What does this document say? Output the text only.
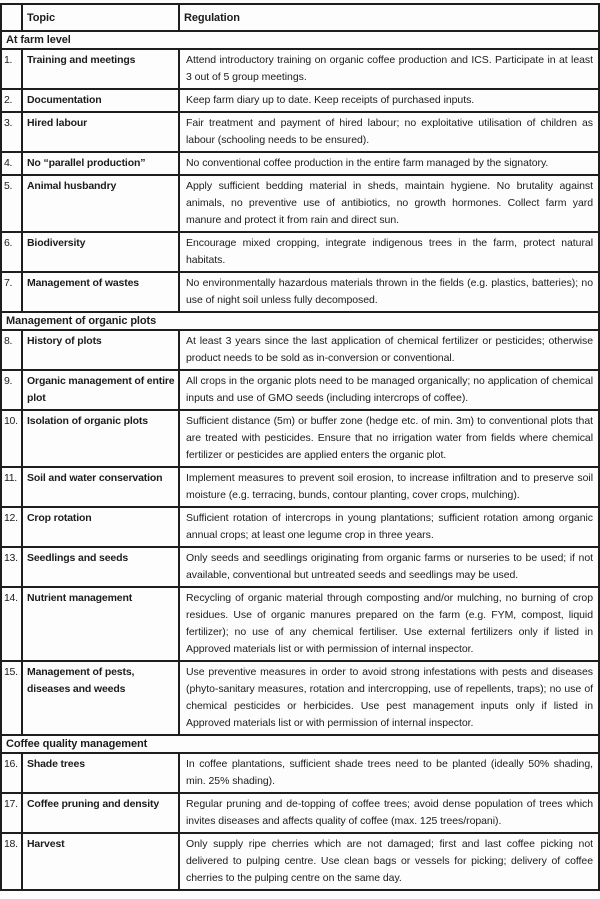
	Topic	Regulation
At farm level		
1.	Training and meetings	Attend introductory training on organic coffee production and ICS. Participate in at least 3 out of 5 group meetings.
2.	Documentation	Keep farm diary up to date. Keep receipts of purchased inputs.
3.	Hired labour	Fair treatment and payment of hired labour; no exploitative utilisation of children as labour (schooling needs to be ensured).
4.	No “parallel production”	No conventional coffee production in the entire farm managed by the signatory.
5.	Animal husbandry	Apply sufficient bedding material in sheds, maintain hygiene. No brutality against animals, no preventive use of antibiotics, no growth hormones. Collect farm yard manure and protect it from rain and direct sun.
6.	Biodiversity	Encourage mixed cropping, integrate indigenous trees in the farm, protect natural habitats.
7.	Management of wastes	No environmentally hazardous materials thrown in the fields (e.g. plastics, batteries); no use of night soil unless fully decomposed.
Management of organic plots		
8.	History of plots	At least 3 years since the last application of chemical fertilizer or pesticides; otherwise product needs to be sold as in-conversion or conventional.
9.	Organic management of entire plot	All crops in the organic plots need to be managed organically; no application of chemical inputs and use of GMO seeds (including intercrops of coffee).
10.	Isolation of organic plots	Sufficient distance (5m) or buffer zone (hedge etc. of min. 3m) to conventional plots that are treated with pesticides. Ensure that no irrigation water from fields where chemical fertilizer or pesticides are applied enters the organic plot.
11.	Soil and water conservation	Implement measures to prevent soil erosion, to increase infiltration and to preserve soil moisture (e.g. terracing, bunds, contour planting, cover crops, mulching).
12.	Crop rotation	Sufficient rotation of intercrops in young plantations; sufficient rotation among organic annual crops; at least one legume crop in three years.
13.	Seedlings and seeds	Only seeds and seedlings originating from organic farms or nurseries to be used; if not available, conventional but untreated seeds and seedlings may be used.
14.	Nutrient management	Recycling of organic material through composting and/or mulching, no burning of crop residues. Use of organic manures prepared on the farm (e.g. FYM, compost, liquid fertilizer); no use of any chemical fertiliser. Use external fertilizers only if listed in Approved materials list or with permission of internal inspector.
15.	Management of pests, diseases and weeds	Use preventive measures in order to avoid strong infestations with pests and diseases (phyto-sanitary measures, rotation and intercropping, use of repellents, traps); no use of chemical pesticides or herbicides. Use pest management inputs only if listed in Approved materials list or with permission of internal inspector.
Coffee quality management		
16.	Shade trees	In coffee plantations, sufficient shade trees need to be planted (ideally 50% shading, min. 25% shading).
17.	Coffee pruning and density	Regular pruning and de-topping of coffee trees; avoid dense population of trees which invites diseases and affects quality of coffee (max. 125 trees/ropani).
18.	Harvest	Only supply ripe cherries which are not damaged; first and last coffee picking not delivered to pulping centre. Use clean bags or vessels for picking; delivery of coffee cherries to the pulping centre on the same day.
